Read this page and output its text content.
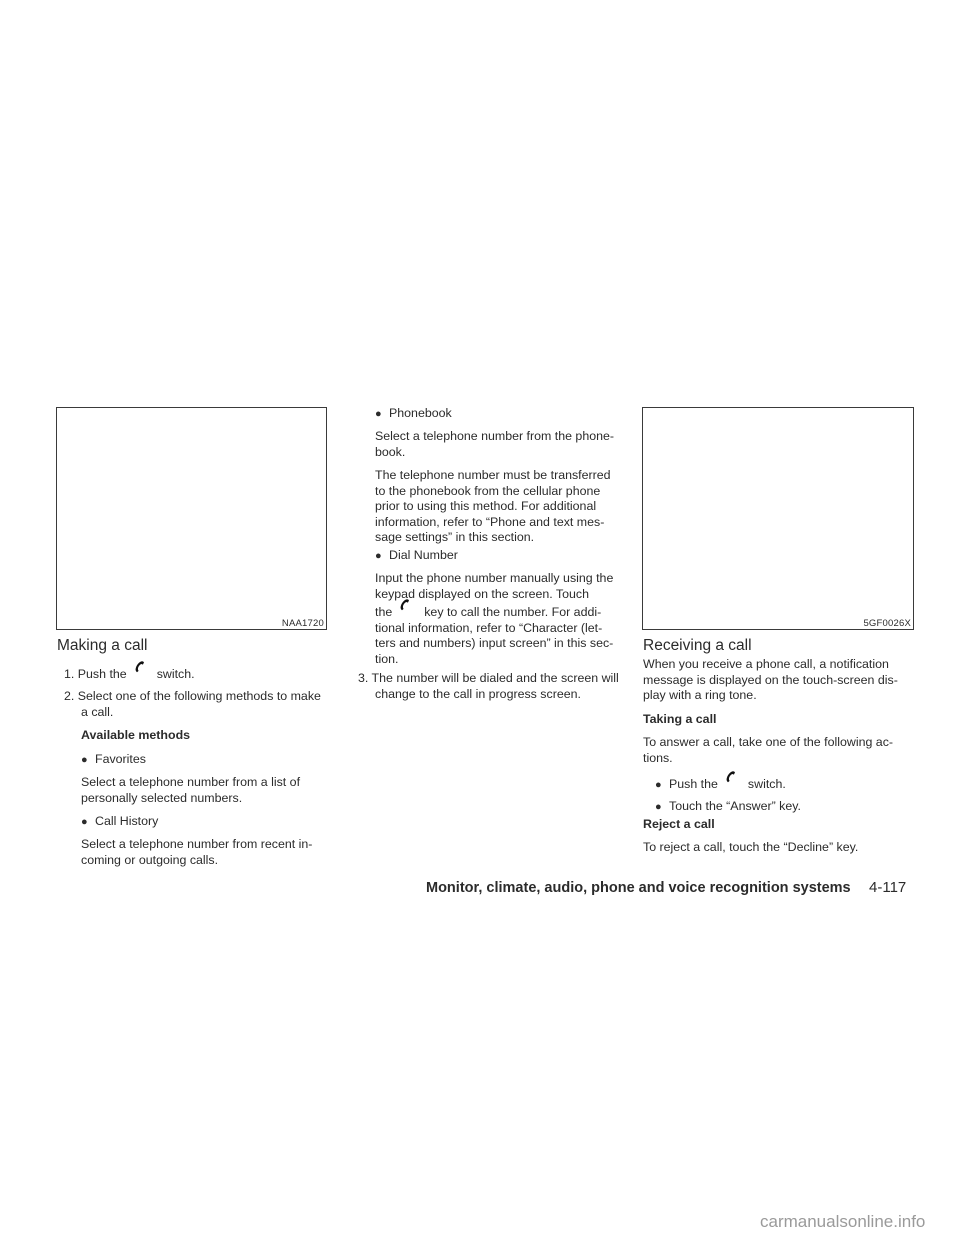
NAA1720
Making a call
1. Push the switch.
2. Select one of the following methods to make
a call.
Available methods
● Favorites
Select a telephone number from a list of
personally selected numbers.
● Call History
Select a telephone number from recent in-
coming or outgoing calls.
● Phonebook
Select a telephone number from the phone-
book.
The telephone number must be transferred
to the phonebook from the cellular phone
prior to using this method. For additional
information, refer to “Phone and text mes-
sage settings” in this section.
● Dial Number
Input the phone number manually using the
keypad displayed on the screen. Touch
the	key to call the number. For addi-
tional information, refer to “Character (let-
ters and numbers) input screen” in this sec-
tion.
3. The number will be dialed and the screen will
change to the call in progress screen.
5GF0026X
Receiving a call
When you receive a phone call, a notification
message is displayed on the touch-screen dis-
play with a ring tone.
Taking a call
To answer a call, take one of the following ac-
tions.
● Push the switch.
● Touch the “Answer” key.
Reject a call
To reject a call, touch the “Decline” key.
Monitor, climate, audio, phone and voice recognition systems 4-117
carmanualsonline.info
